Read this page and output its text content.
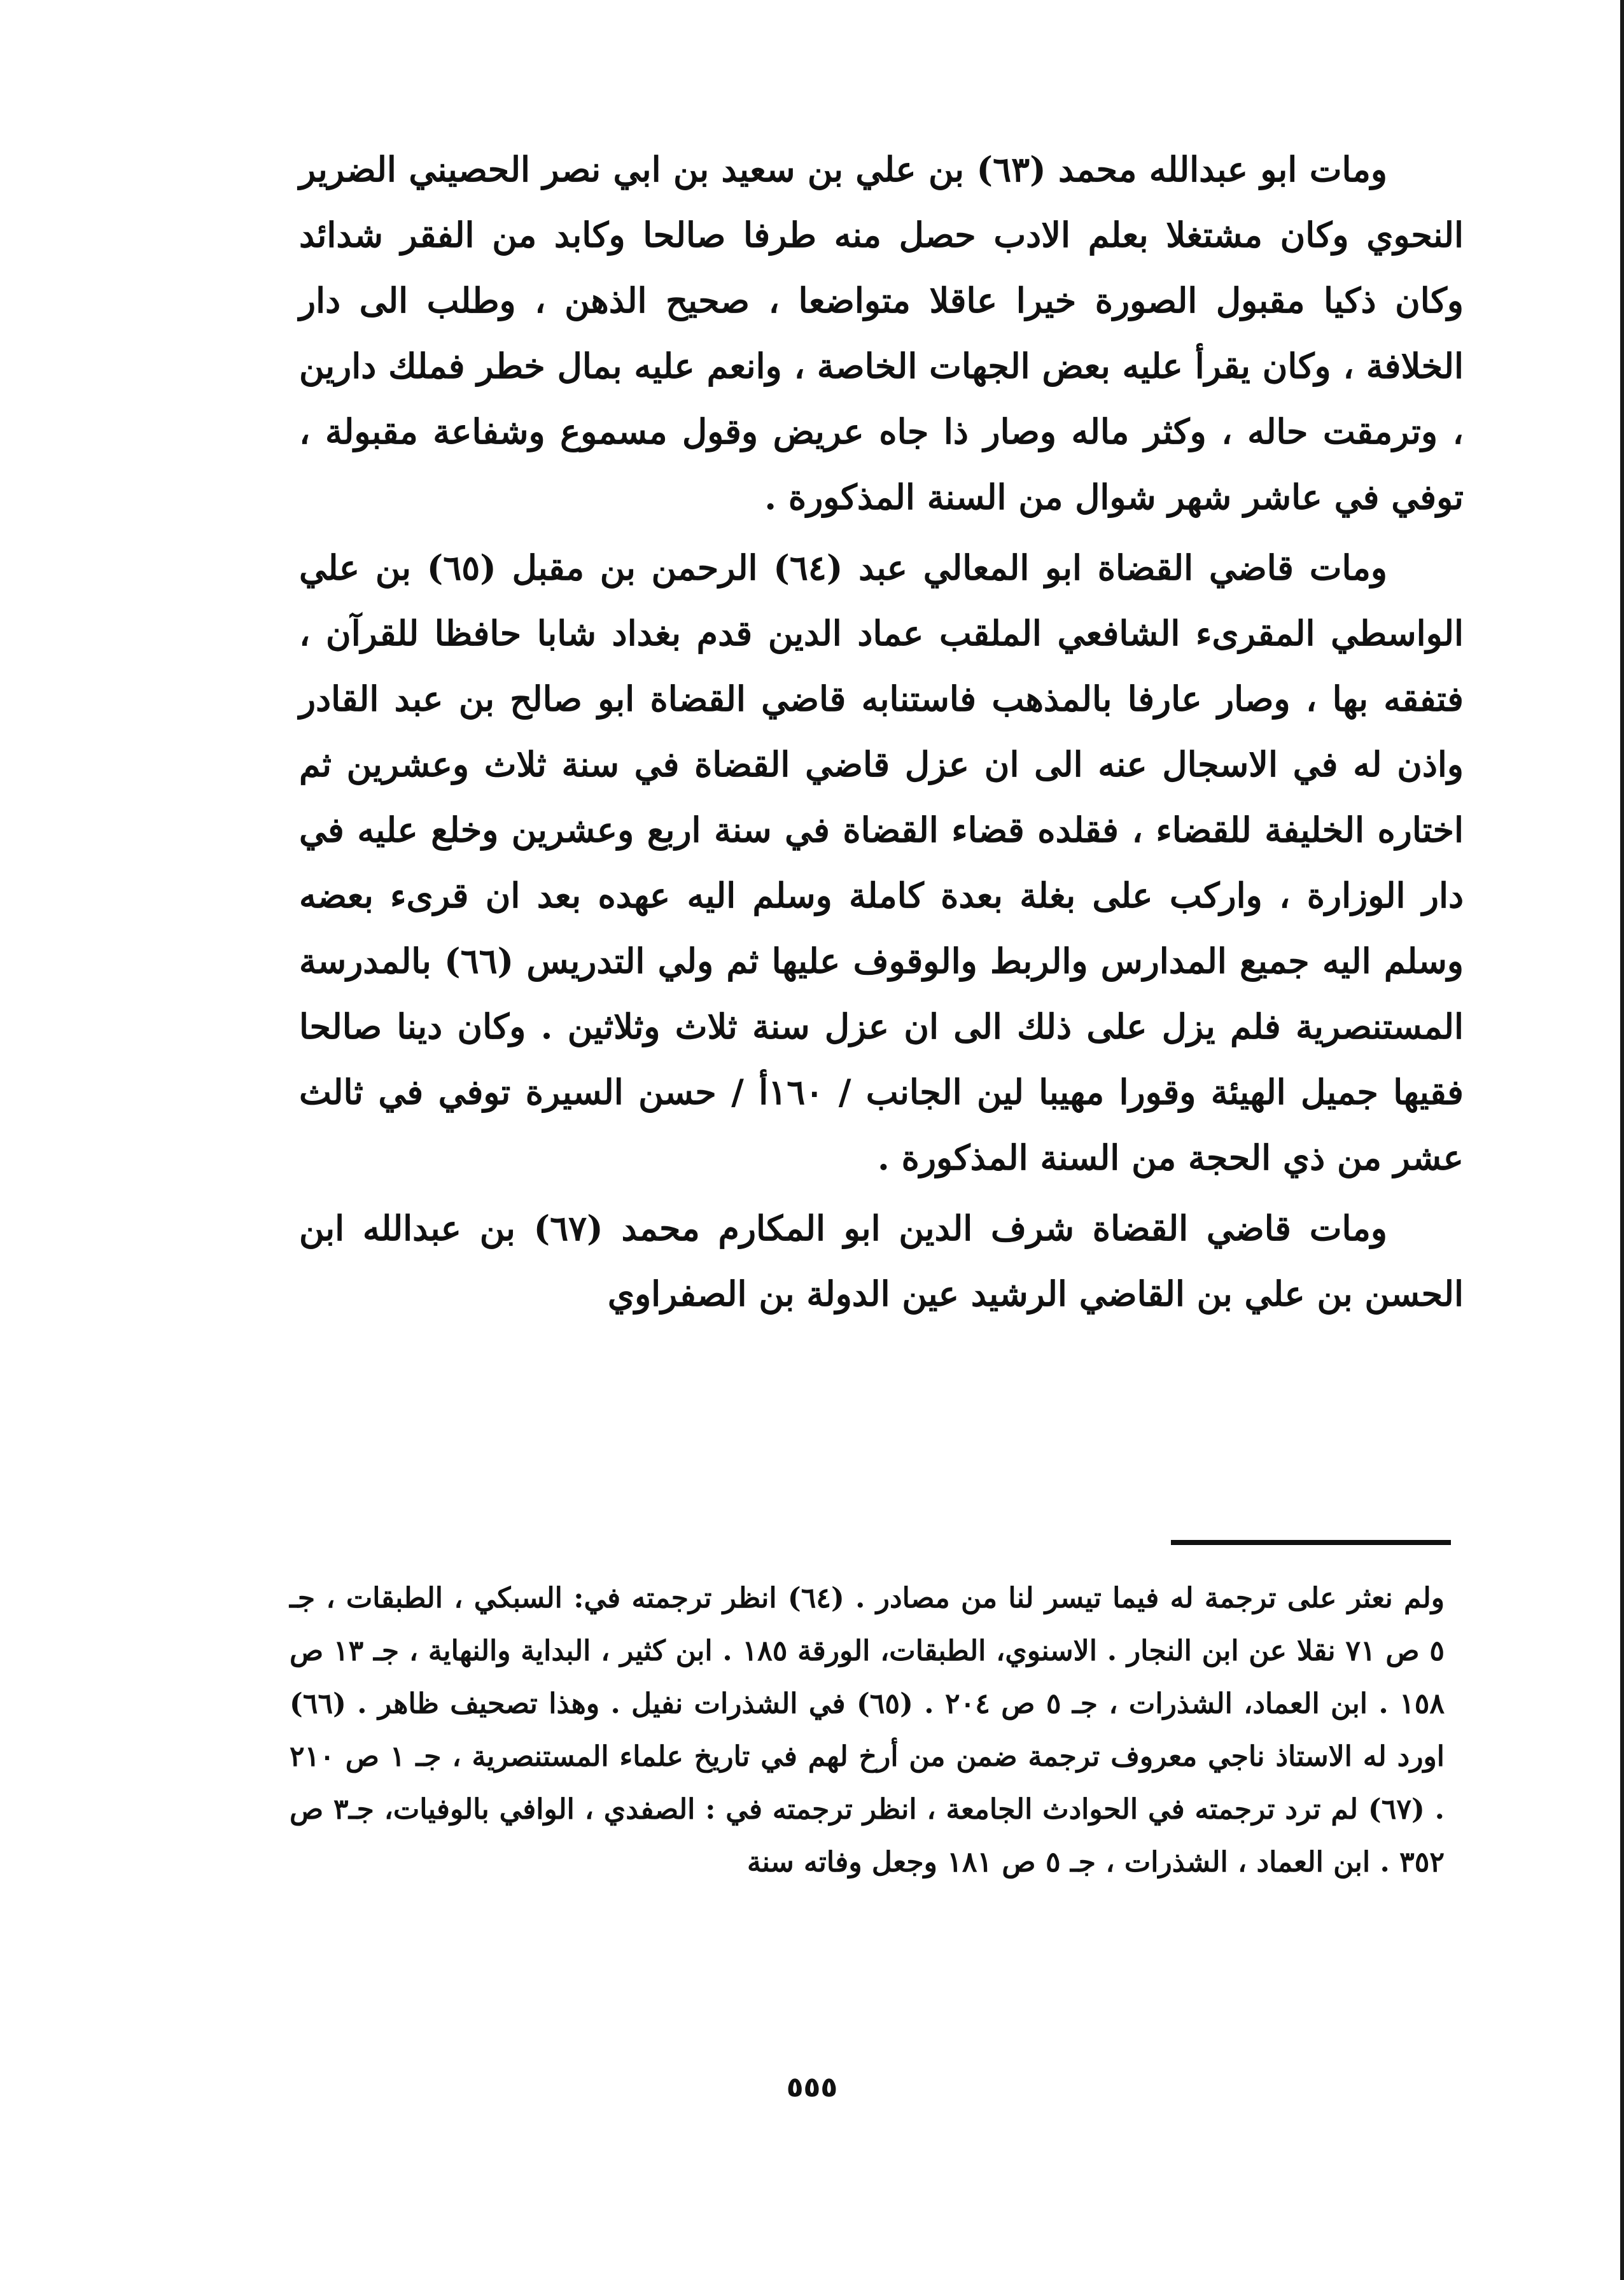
ومات ابو عبدالله محمد (٦٣) بن علي بن سعيد بن ابي نصر الحصيني الضرير النحوي وكان مشتغلا بعلم الادب حصل منه طرفا صالحا وكابد من الفقر شدائد وكان ذكيا مقبول الصورة خيرا عاقلا متواضعا ، صحيح الذهن ، وطلب الى دار الخلافة ، وكان يقرأ عليه بعض الجهات الخاصة ، وانعم عليه بمال خطر فملك دارين ، وترمقت حاله ، وكثر ماله وصار ذا جاه عريض وقول مسموع وشفاعة مقبولة ، توفي في عاشر شهر شوال من السنة المذكورة .

ومات قاضي القضاة ابو المعالي عبد (٦٤) الرحمن بن مقبل (٦٥) بن علي الواسطي المقرىء الشافعي الملقب عماد الدين قدم بغداد شابا حافظا للقرآن ، فتفقه بها ، وصار عارفا بالمذهب فاستنابه قاضي القضاة ابو صالح بن عبد القادر واذن له في الاسجال عنه الى ان عزل قاضي القضاة في سنة ثلاث وعشرين ثم اختاره الخليفة للقضاء ، فقلده قضاء القضاة في سنة اربع وعشرين وخلع عليه في دار الوزارة ، واركب على بغلة بعدة كاملة وسلم اليه عهده بعد ان قرىء بعضه وسلم اليه جميع المدارس والربط والوقوف عليها ثم ولي التدريس (٦٦) بالمدرسة المستنصرية فلم يزل على ذلك الى ان عزل سنة ثلاث وثلاثين . وكان دينا صالحا فقيها جميل الهيئة وقورا مهيبا لين الجانب / ١٦٠أ / حسن السيرة توفي في ثالث عشر من ذي الحجة من السنة المذكورة .

ومات قاضي القضاة شرف الدين ابو المكارم محمد (٦٧) بن عبدالله ابن الحسن بن علي بن القاضي الرشيد عين الدولة بن الصفراوي

ولم نعثر على ترجمة له فيما تيسر لنا من مصادر . (٦٤) انظر ترجمته في: السبكي ، الطبقات ، جـ ٥ ص ٧١ نقلا عن ابن النجار . الاسنوي، الطبقات، الورقة ١٨٥ . ابن كثير ، البداية والنهاية ، جـ ١٣ ص ١٥٨ . ابن العماد، الشذرات ، جـ ٥ ص ٢٠٤ . (٦٥) في الشذرات نفيل . وهذا تصحيف ظاهر . (٦٦) اورد له الاستاذ ناجي معروف ترجمة ضمن من أرخ لهم في تاريخ علماء المستنصرية ، جـ ١ ص ٢١٠ . (٦٧) لم ترد ترجمته في الحوادث الجامعة ، انظر ترجمته في : الصفدي ، الوافي بالوفيات، جـ٣ ص ٣٥٢ . ابن العماد ، الشذرات ، جـ ٥ ص ١٨١ وجعل وفاته سنة

٥٥٥
